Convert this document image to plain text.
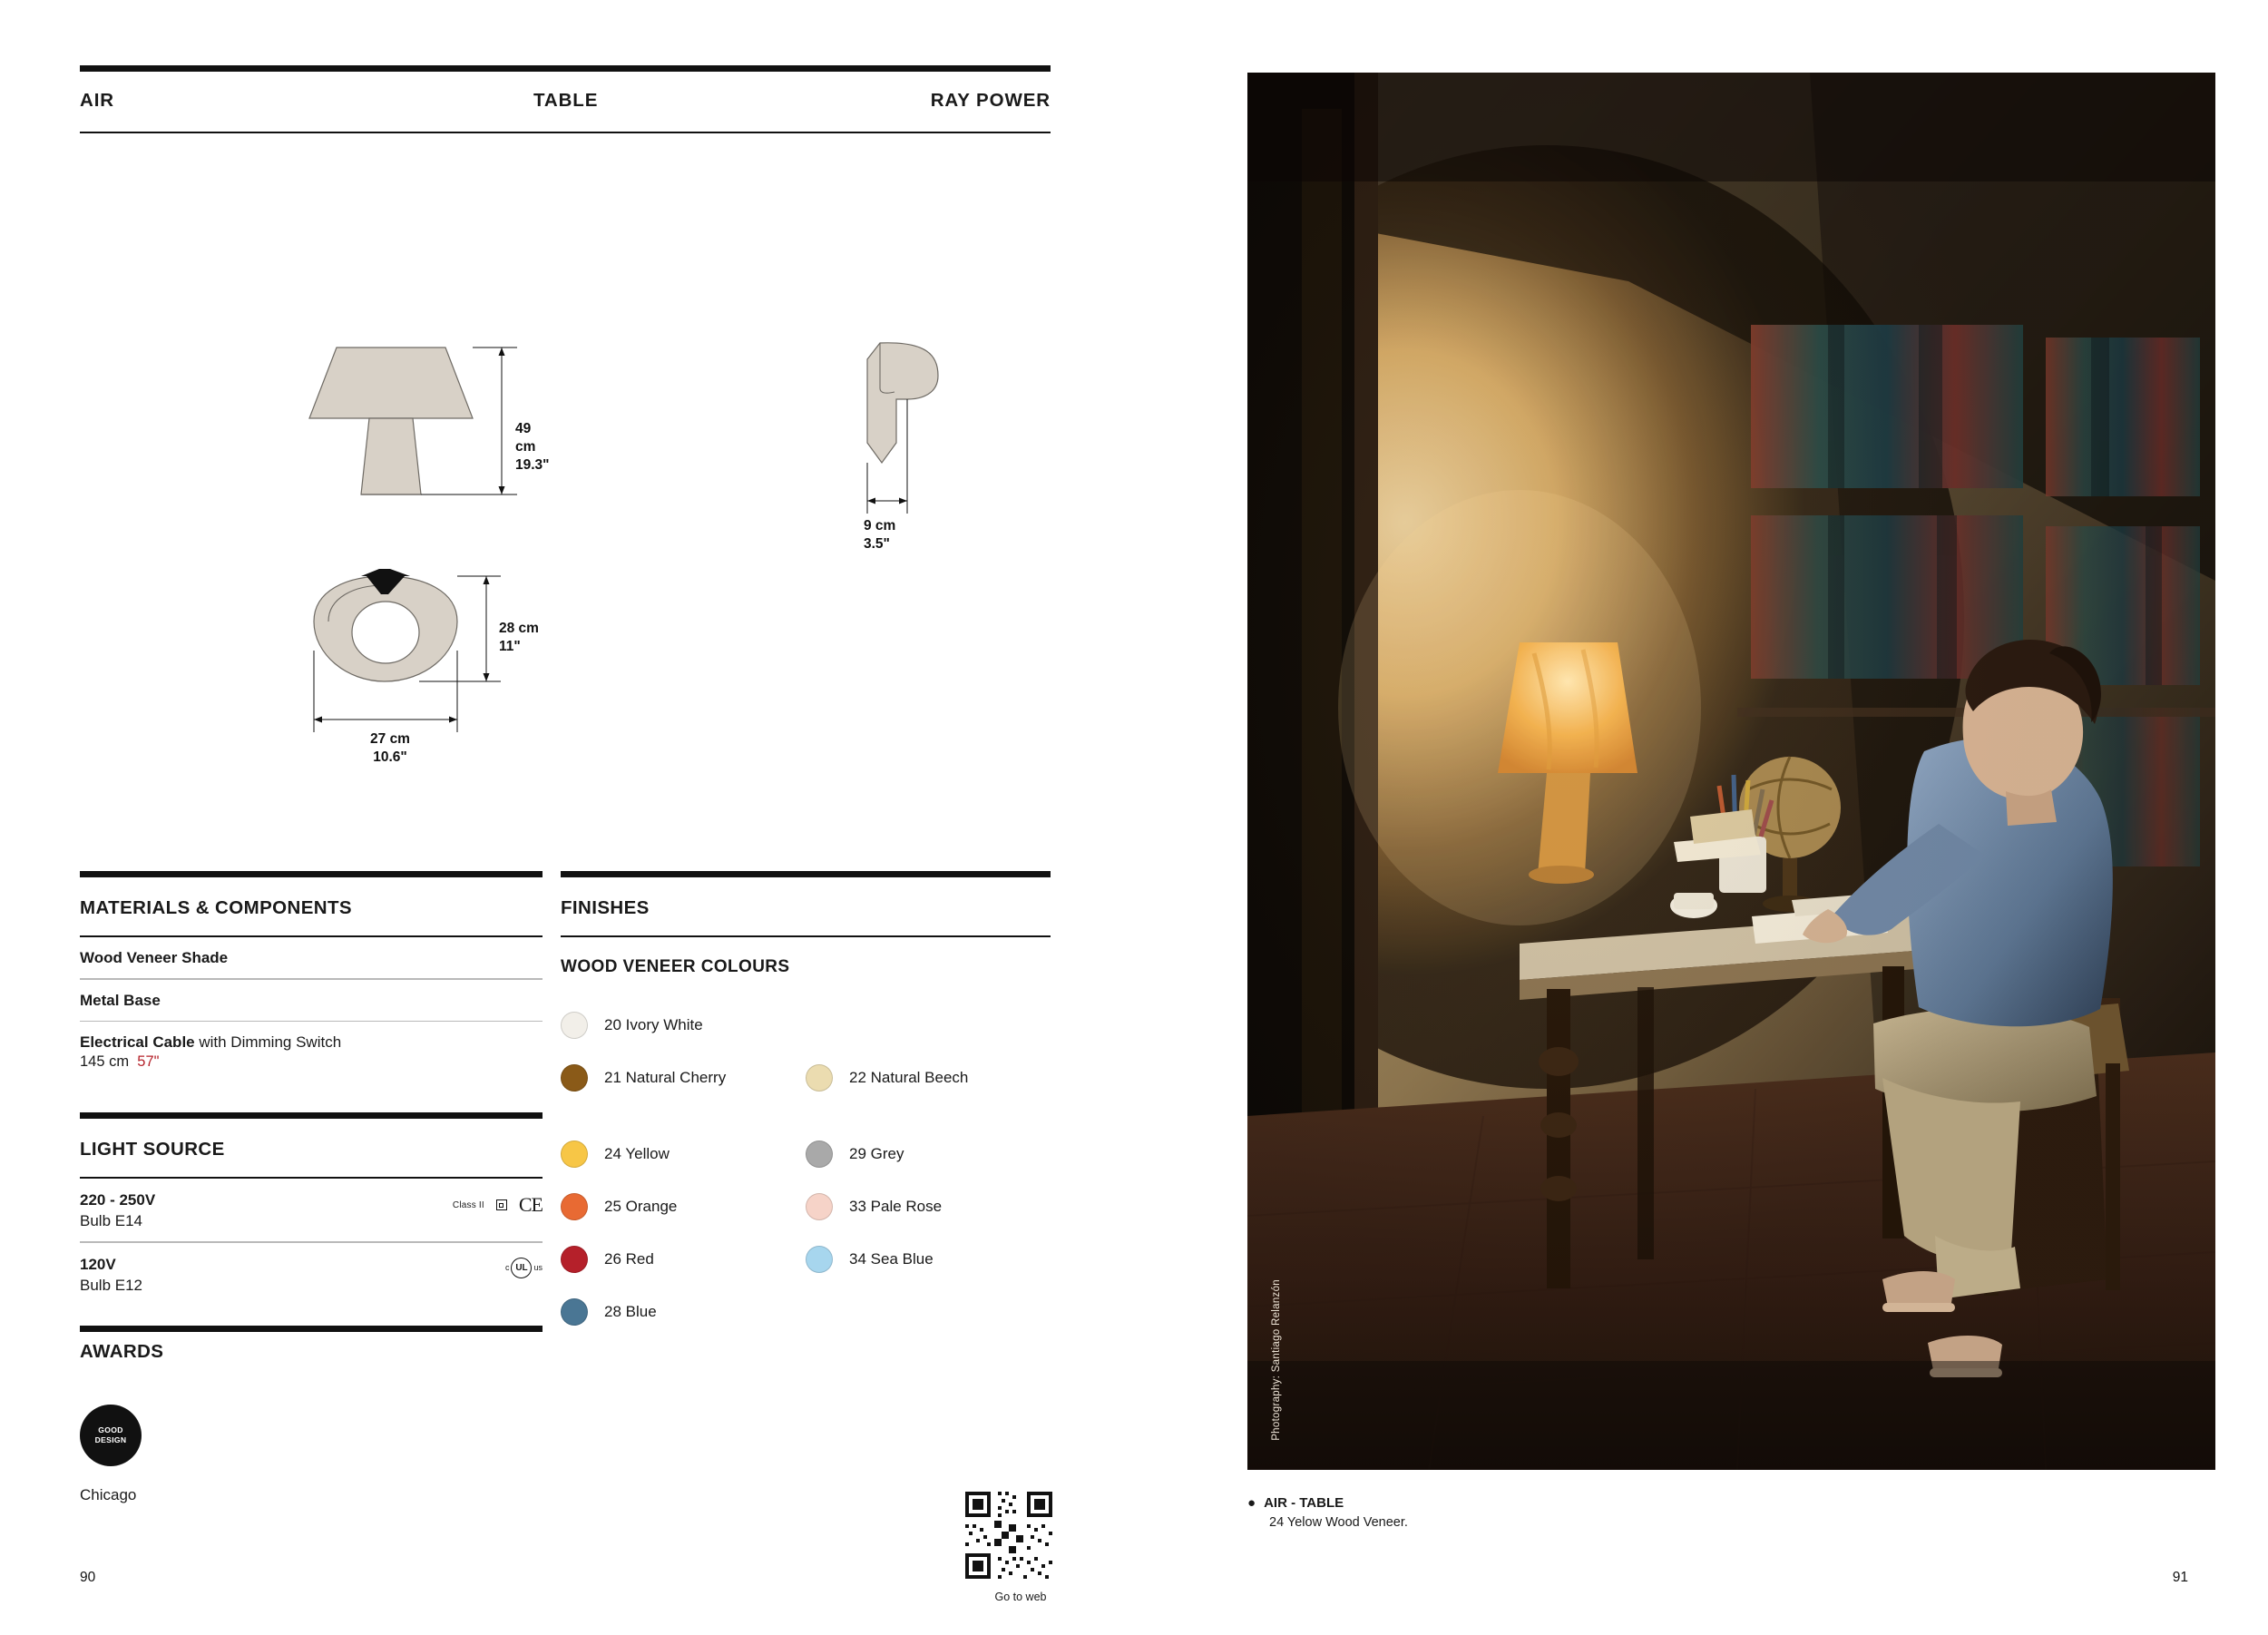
AIR	TABLE	RAY POWER
49 cm
19.3"
9 cm
3.5"
28 cm
11"
27 cm
10.6"
MATERIALS & COMPONENTS
Wood Veneer Shade
Metal Base
Electrical Cable with Dimming Switch
145 cm 57"
LIGHT SOURCE
220 - 250V
Bulb E14
Class II CE
120V
Bulb E12
c UL us
FINISHES
WOOD VENEER COLOURS
20 Ivory White
21 Natural Cherry	22 Natural Beech
24 Yellow	29 Grey
25 Orange	33 Pale Rose
26 Red	34 Sea Blue
28 Blue
AWARDS
GOOD
DESIGN
Chicago
Go to web
90
Photography: Santiago Relanzón
● AIR - TABLE
24 Yelow Wood Veneer.
91
